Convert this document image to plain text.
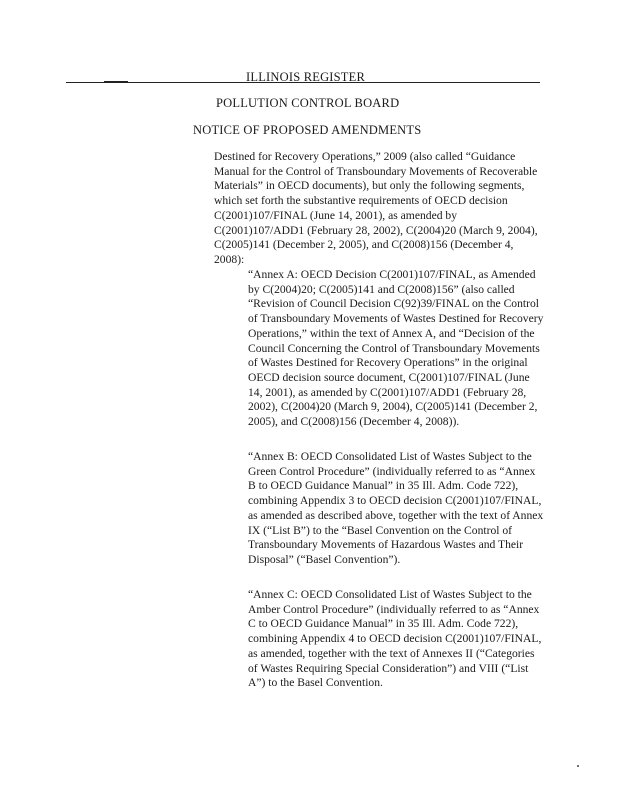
ILLINOIS REGISTER
POLLUTION CONTROL BOARD
NOTICE OF PROPOSED AMENDMENTS

Destined for Recovery Operations,” 2009 (also called “Guidance Manual for the Control of Transboundary Movements of Recoverable Materials” in OECD documents), but only the following segments, which set forth the substantive requirements of OECD decision C(2001)107/FINAL (June 14, 2001), as amended by C(2001)107/ADD1 (February 28, 2002), C(2004)20 (March 9, 2004), C(2005)141 (December 2, 2005), and C(2008)156 (December 4, 2008):

“Annex A: OECD Decision C(2001)107/FINAL, as Amended by C(2004)20; C(2005)141 and C(2008)156” (also called “Revision of Council Decision C(92)39/FINAL on the Control of Transboundary Movements of Wastes Destined for Recovery Operations,” within the text of Annex A, and “Decision of the Council Concerning the Control of Transboundary Movements of Wastes Destined for Recovery Operations” in the original OECD decision source document, C(2001)107/FINAL (June 14, 2001), as amended by C(2001)107/ADD1 (February 28, 2002), C(2004)20 (March 9, 2004), C(2005)141 (December 2, 2005), and C(2008)156 (December 4, 2008)).

“Annex B: OECD Consolidated List of Wastes Subject to the Green Control Procedure” (individually referred to as “Annex B to OECD Guidance Manual” in 35 Ill. Adm. Code 722), combining Appendix 3 to OECD decision C(2001)107/FINAL, as amended as described above, together with the text of Annex IX (“List B”) to the “Basel Convention on the Control of Transboundary Movements of Hazardous Wastes and Their Disposal” (“Basel Convention”).

“Annex C: OECD Consolidated List of Wastes Subject to the Amber Control Procedure” (individually referred to as “Annex C to OECD Guidance Manual” in 35 Ill. Adm. Code 722), combining Appendix 4 to OECD decision C(2001)107/FINAL, as amended, together with the text of Annexes II (“Categories of Wastes Requiring Special Consideration”) and VIII (“List A”) to the Basel Convention.
